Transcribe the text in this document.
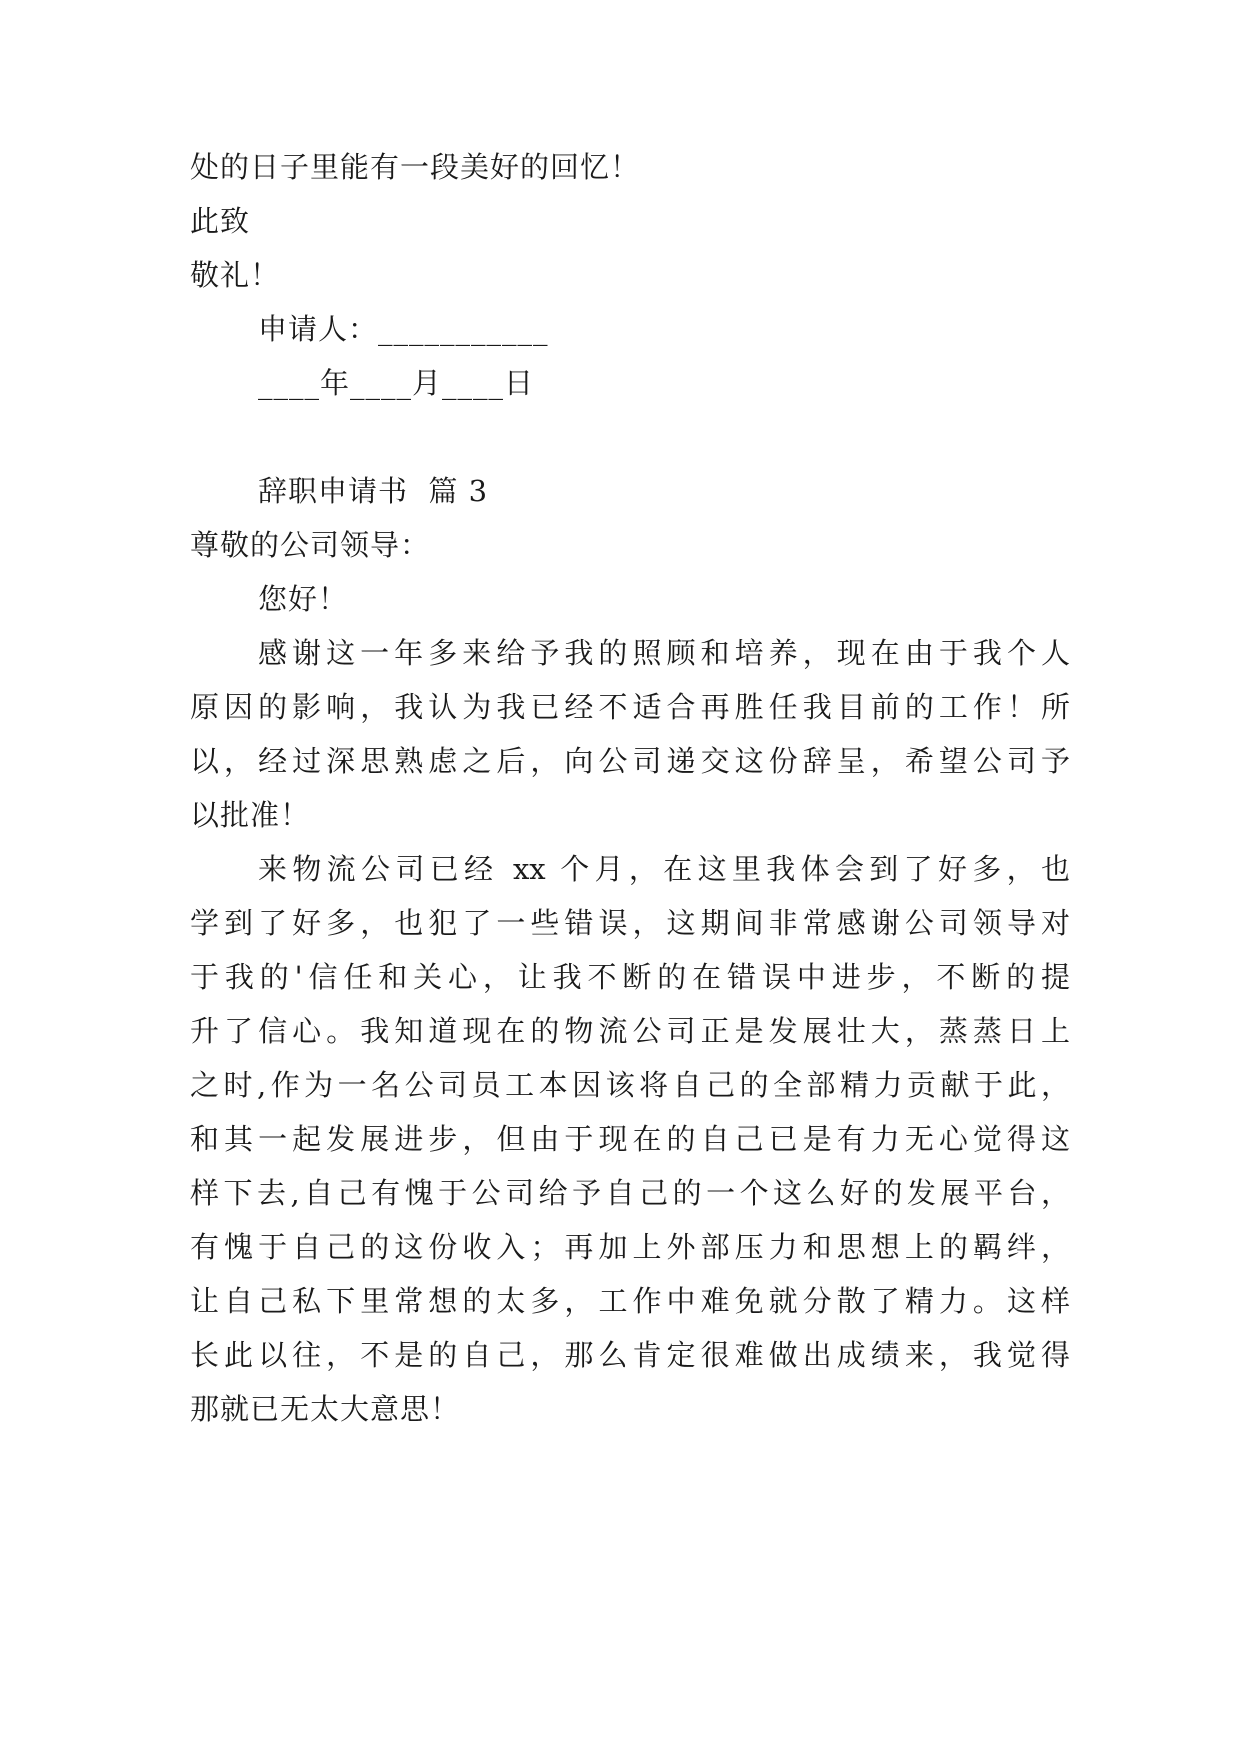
处的日子里能有一段美好的回忆！
此致
敬礼！
申请人：___________
____年____月____日
辞职申请书  篇 3
尊敬的公司领导：
您好！
感谢这一年多来给予我的照顾和培养，现在由于我个人
原因的影响，我认为我已经不适合再胜任我目前的工作！所
以，经过深思熟虑之后，向公司递交这份辞呈，希望公司予
以批准！
来物流公司已经 xx 个月，在这里我体会到了好多，也
学到了好多，也犯了一些错误，这期间非常感谢公司领导对
于我的'信任和关心，让我不断的在错误中进步，不断的提
升了信心。我知道现在的物流公司正是发展壮大，蒸蒸日上
之时,作为一名公司员工本因该将自己的全部精力贡献于此，
和其一起发展进步，但由于现在的自己已是有力无心觉得这
样下去,自己有愧于公司给予自己的一个这么好的发展平台，
有愧于自己的这份收入；再加上外部压力和思想上的羁绊，
让自己私下里常想的太多，工作中难免就分散了精力。这样
长此以往，不是的自己，那么肯定很难做出成绩来，我觉得
那就已无太大意思！
